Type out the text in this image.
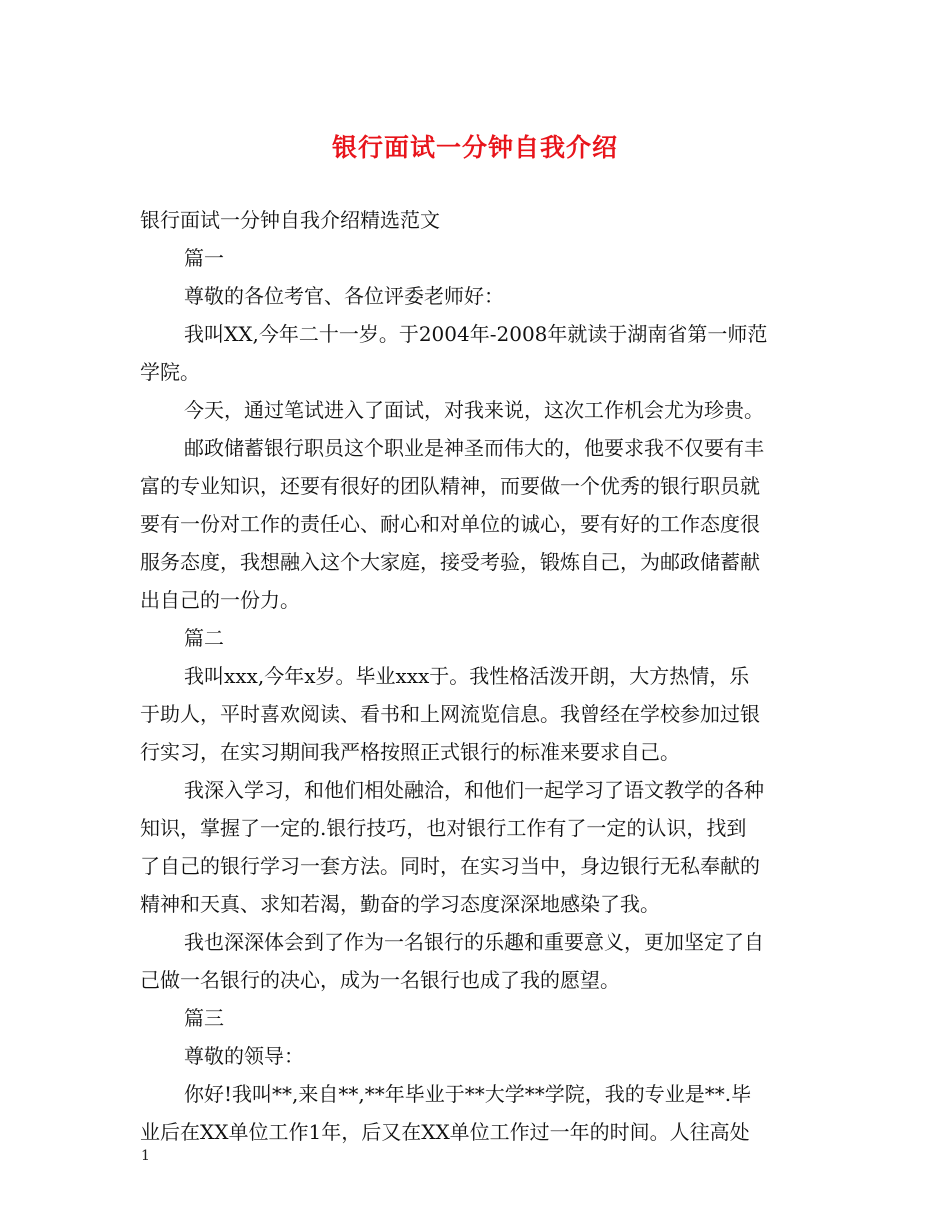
银行面试一分钟自我介绍
银行面试一分钟自我介绍精选范文
篇一
尊敬的各位考官、各位评委老师好：
我叫XX,今年二十一岁。于2004年-2008年就读于湖南省第一师范
学院。
今天，通过笔试进入了面试，对我来说，这次工作机会尤为珍贵。
邮政储蓄银行职员这个职业是神圣而伟大的，他要求我不仅要有丰
富的专业知识，还要有很好的团队精神，而要做一个优秀的银行职员就
要有一份对工作的责任心、耐心和对单位的诚心，要有好的工作态度很
服务态度，我想融入这个大家庭，接受考验，锻炼自己，为邮政储蓄献
出自己的一份力。
篇二
我叫xxx,今年x岁。毕业xxx于。我性格活泼开朗，大方热情，乐
于助人，平时喜欢阅读、看书和上网流览信息。我曾经在学校参加过银
行实习，在实习期间我严格按照正式银行的标准来要求自己。
我深入学习，和他们相处融洽，和他们一起学习了语文教学的各种
知识，掌握了一定的.银行技巧，也对银行工作有了一定的认识，找到
了自己的银行学习一套方法。同时，在实习当中，身边银行无私奉献的
精神和天真、求知若渴，勤奋的学习态度深深地感染了我。
我也深深体会到了作为一名银行的乐趣和重要意义，更加坚定了自
己做一名银行的决心，成为一名银行也成了我的愿望。
篇三
尊敬的领导：
你好!我叫**,来自**,**年毕业于**大学**学院，我的专业是**.毕
业后在XX单位工作1年，后又在XX单位工作过一年的时间。人往高处
1
